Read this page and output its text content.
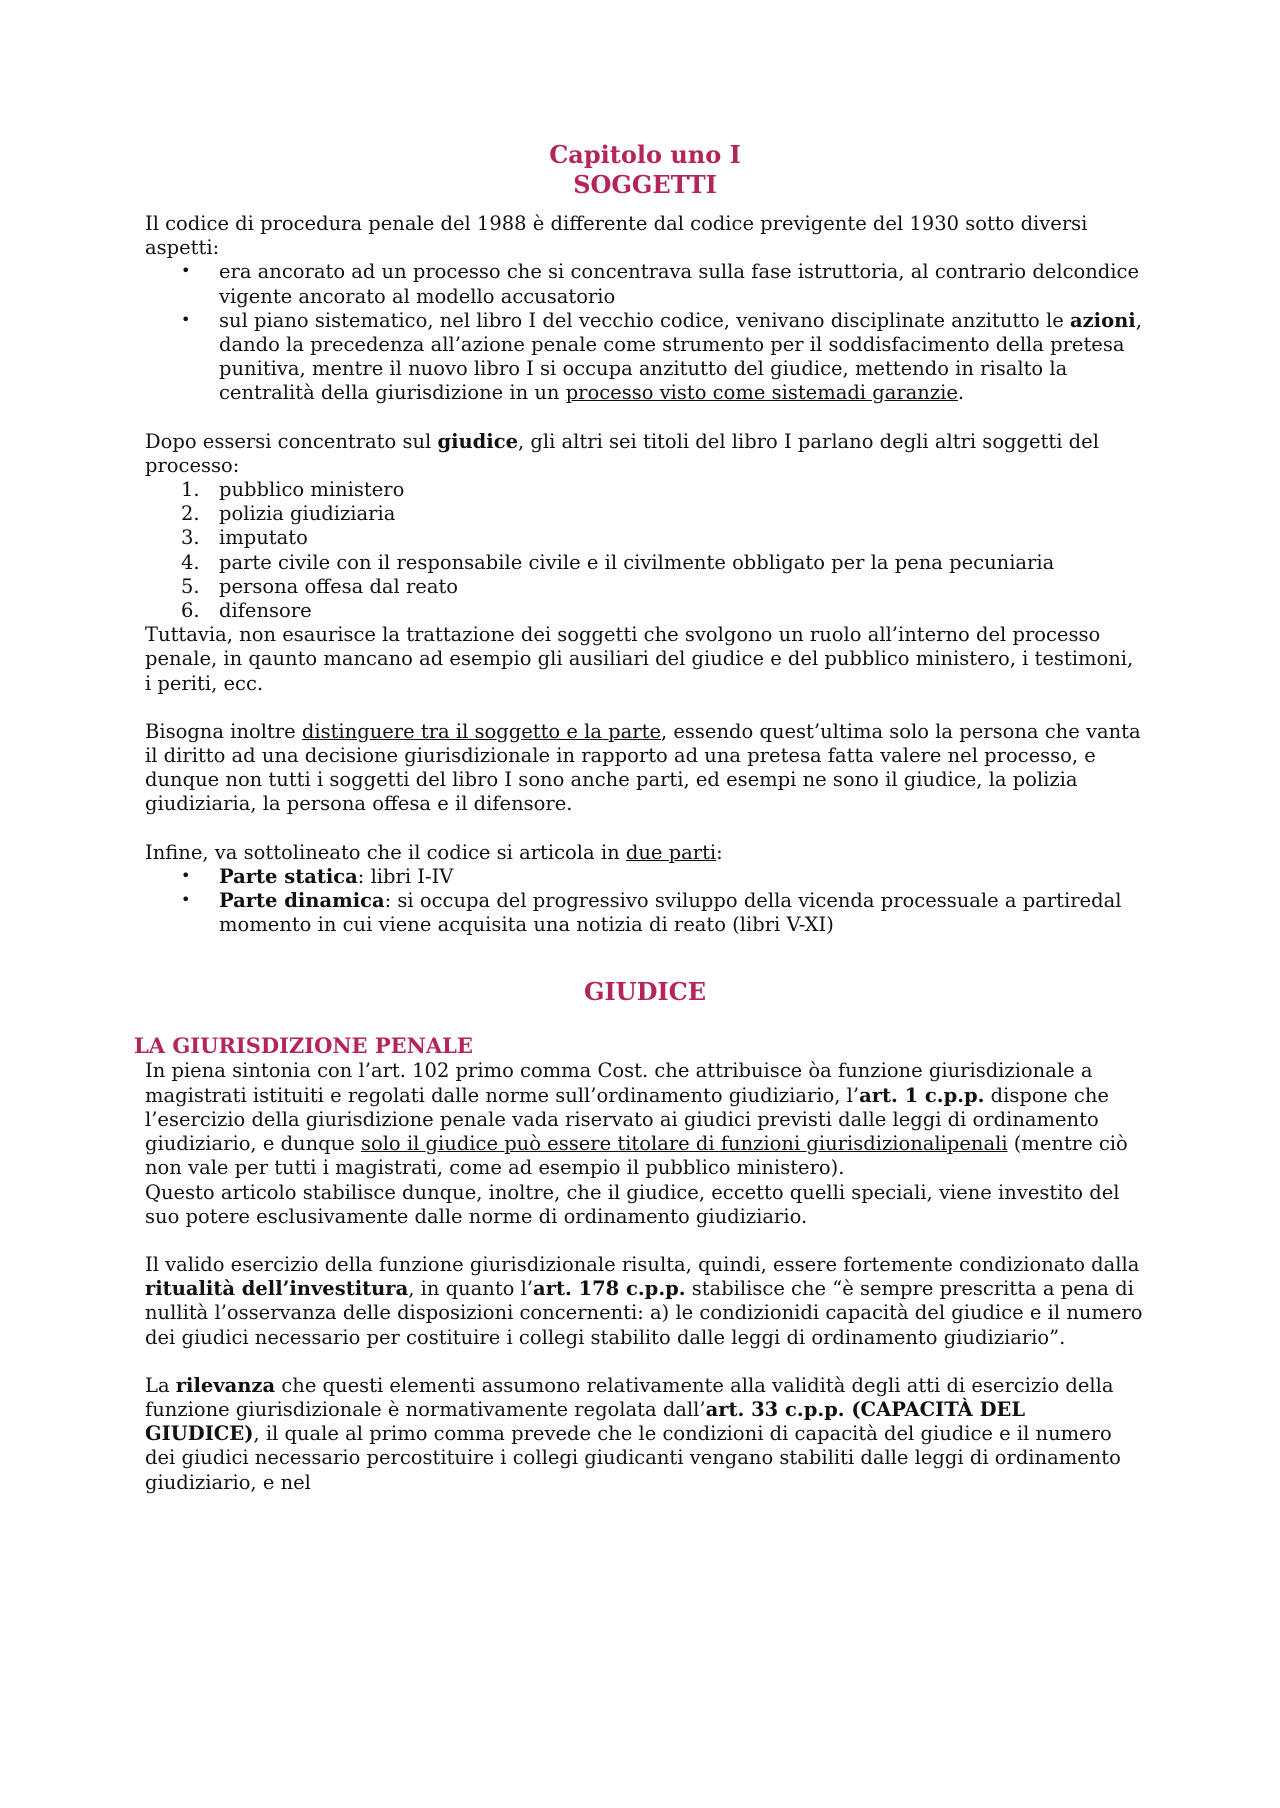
Capitolo uno I
SOGGETTI

Il codice di procedura penale del 1988 è differente dal codice previgente del 1930 sotto diversi aspetti:

• era ancorato ad un processo che si concentrava sulla fase istruttoria, al contrario delcondice vigente ancorato al modello accusatorio
• sul piano sistematico, nel libro I del vecchio codice, venivano disciplinate anzitutto le azioni, dando la precedenza all’azione penale come strumento per il soddisfacimento della pretesa punitiva, mentre il nuovo libro I si occupa anzitutto del giudice, mettendo in risalto la centralità della giurisdizione in un processo visto come sistemadi garanzie.

Dopo essersi concentrato sul giudice, gli altri sei titoli del libro I parlano degli altri soggetti del processo:

1. pubblico ministero
2. polizia giudiziaria
3. imputato
4. parte civile con il responsabile civile e il civilmente obbligato per la pena pecuniaria
5. persona offesa dal reato
6. difensore

Tuttavia, non esaurisce la trattazione dei soggetti che svolgono un ruolo all’interno del processo penale, in qaunto mancano ad esempio gli ausiliari del giudice e del pubblico ministero, i testimoni, i periti, ecc.

Bisogna inoltre distinguere tra il soggetto e la parte, essendo quest’ultima solo la persona che vanta il diritto ad una decisione giurisdizionale in rapporto ad una pretesa fatta valere nel processo, e dunque non tutti i soggetti del libro I sono anche parti, ed esempi ne sono il giudice, la polizia giudiziaria, la persona offesa e il difensore.

Infine, va sottolineato che il codice si articola in due parti:

• Parte statica: libri I-IV
• Parte dinamica: si occupa del progressivo sviluppo della vicenda processuale a partiredal momento in cui viene acquisita una notizia di reato (libri V-XI)
GIUDICE
LA GIURISDIZIONE PENALE

In piena sintonia con l’art. 102 primo comma Cost. che attribuisce òa funzione giurisdizionale a magistrati istituiti e regolati dalle norme sull’ordinamento giudiziario, l’art. 1 c.p.p. dispone che l’esercizio della giurisdizione penale vada riservato ai giudici previsti dalle leggi di ordinamento giudiziario, e dunque solo il giudice può essere titolare di funzioni giurisdizionalipenali (mentre ciò non vale per tutti i magistrati, come ad esempio il pubblico ministero).

Questo articolo stabilisce dunque, inoltre, che il giudice, eccetto quelli speciali, viene investito del suo potere esclusivamente dalle norme di ordinamento giudiziario.

Il valido esercizio della funzione giurisdizionale risulta, quindi, essere fortemente condizionato dalla ritualità dell’investitura, in quanto l’art. 178 c.p.p. stabilisce che “è sempre prescritta a pena di nullità l’osservanza delle disposizioni concernenti: a) le condizionidi capacità del giudice e il numero dei giudici necessario per costituire i collegi stabilito dalle leggi di ordinamento giudiziario”.

La rilevanza che questi elementi assumono relativamente alla validità degli atti di esercizio della funzione giurisdizionale è normativamente regolata dall’art. 33 c.p.p. (CAPACITÀ DEL GIUDICE), il quale al primo comma prevede che le condizioni di capacità del giudice e il numero dei giudici necessario percostituire i collegi giudicanti vengano stabiliti dalle leggi di ordinamento giudiziario, e nel
